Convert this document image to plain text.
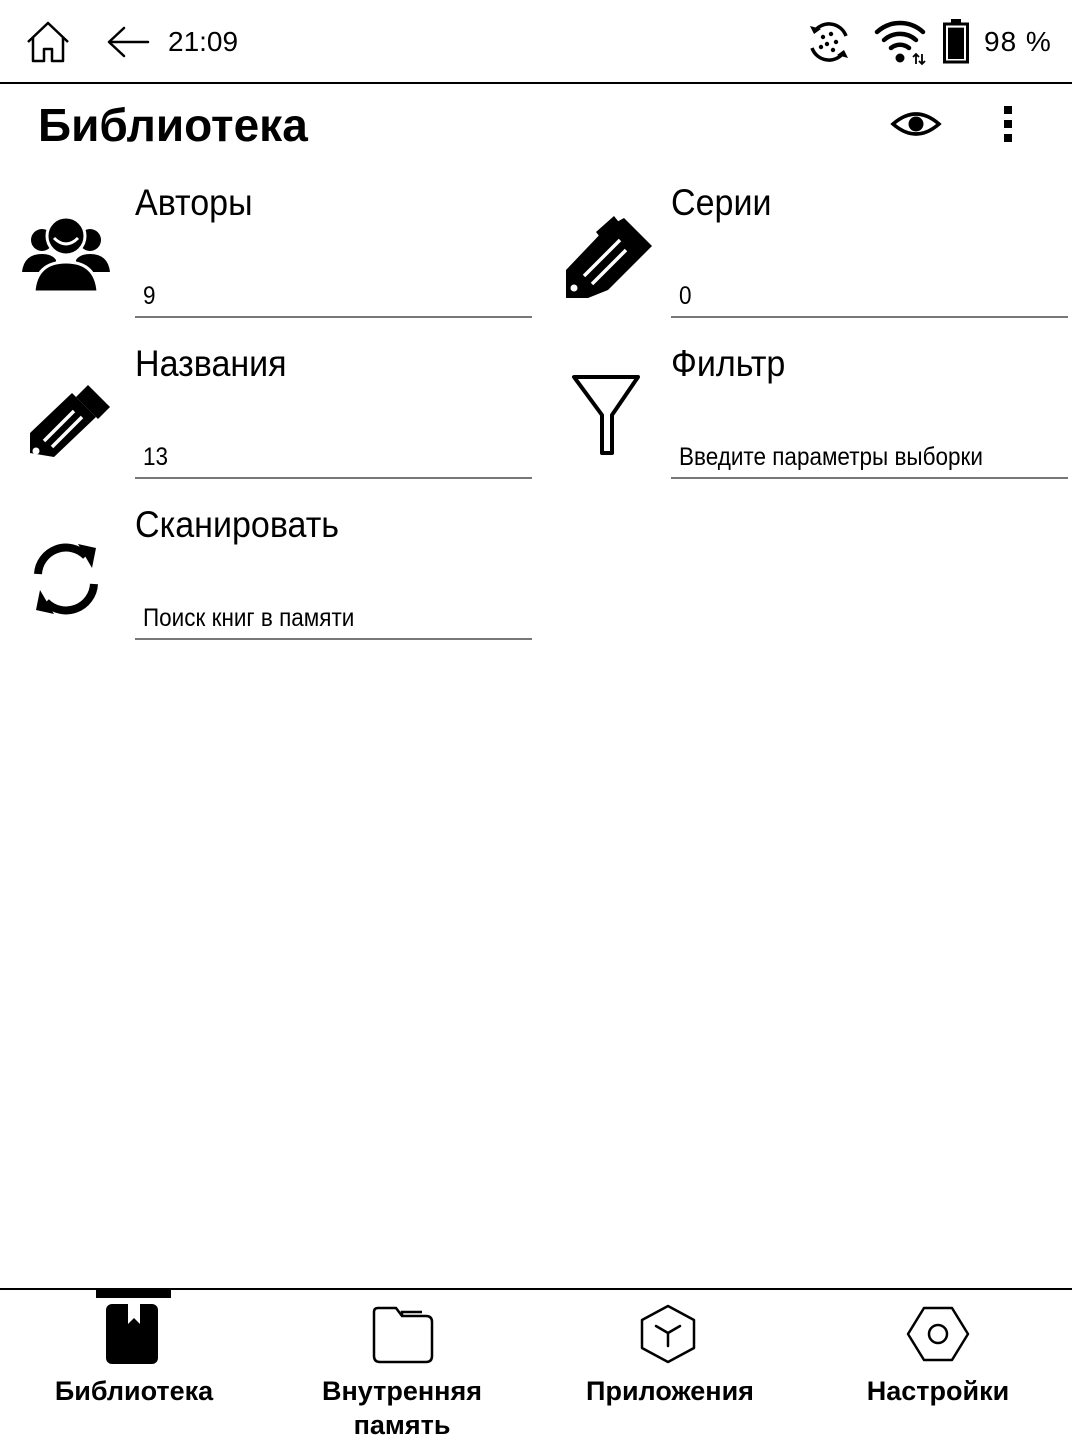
21:09	98 %
Библиотека
Авторы
9
Серии
0
Названия
13
Фильтр
Введите параметры выборки
Сканировать
Поиск книг в памяти
Библиотека	Внутренняя память
Приложения	Настройки
